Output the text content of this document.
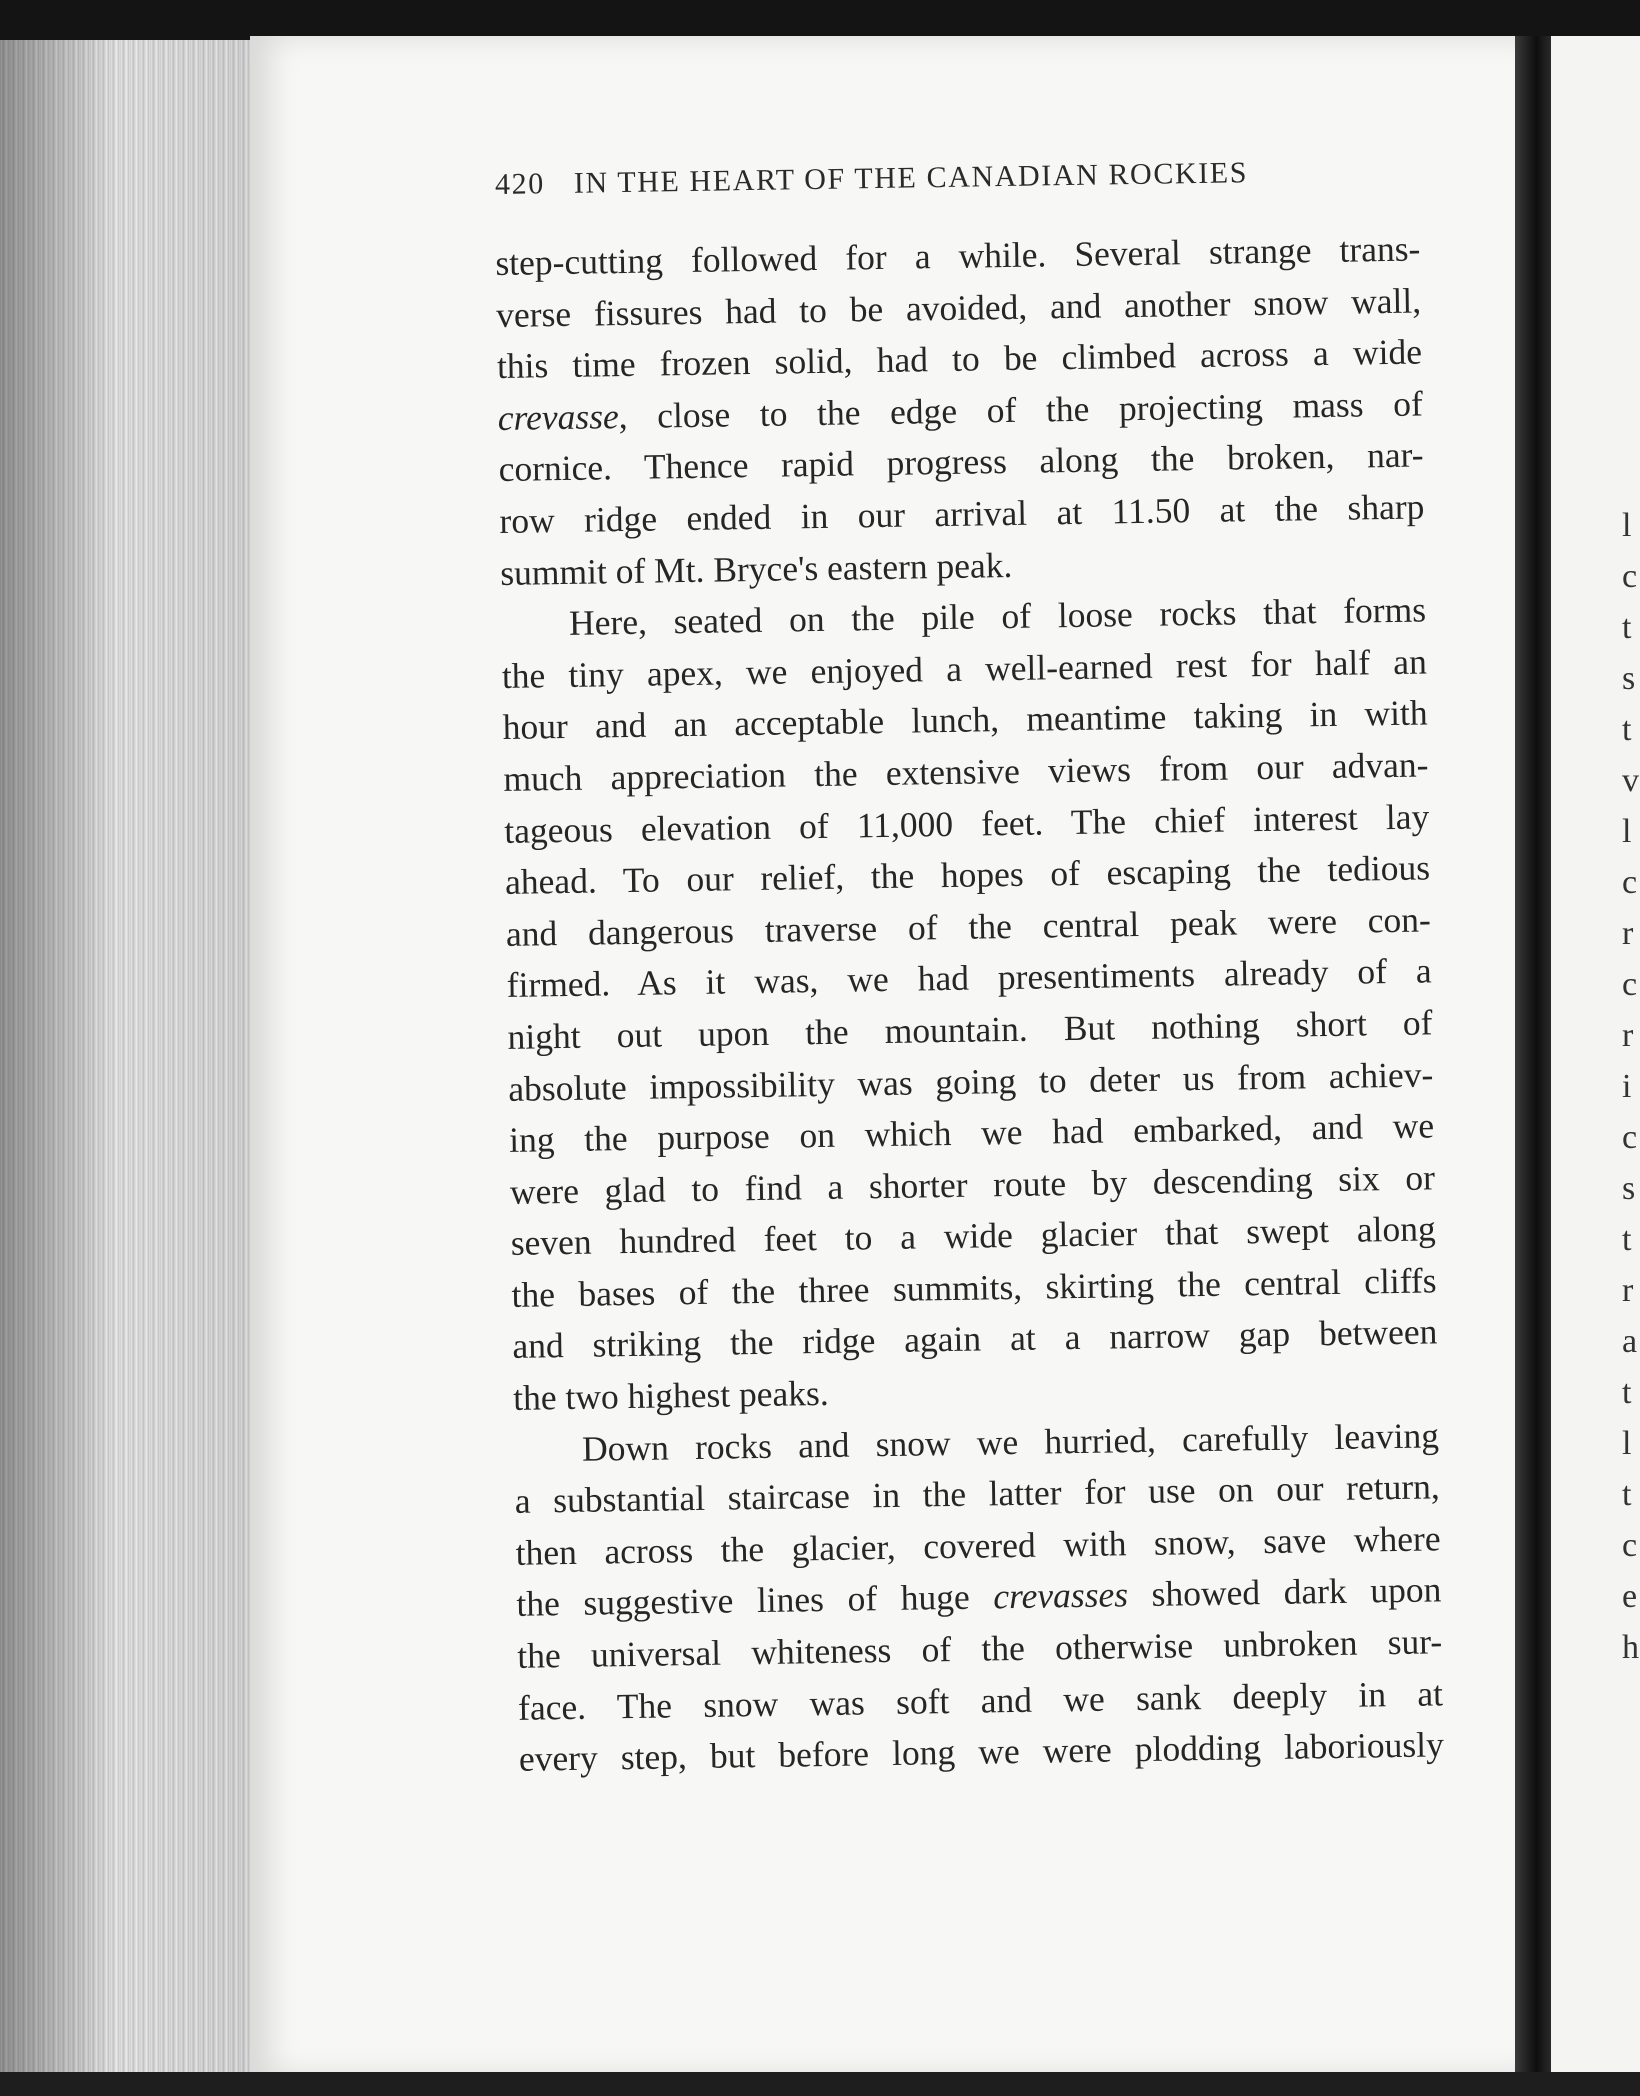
l
c
t
s
t
v
l
c
r
c
r
i
c
s
t
r
a
t
l
t
c
e
h
420 IN THE HEART OF THE CANADIAN ROCKIES
step-cutting followed for a while. Several strange trans-
verse fissures had to be avoided, and another snow wall,
this time frozen solid, had to be climbed across a wide
crevasse, close to the edge of the projecting mass of
cornice. Thence rapid progress along the broken, nar-
row ridge ended in our arrival at 11.50 at the sharp
summit of Mt. Bryce's eastern peak.
Here, seated on the pile of loose rocks that forms
the tiny apex, we enjoyed a well-earned rest for half an
hour and an acceptable lunch, meantime taking in with
much appreciation the extensive views from our advan-
tageous elevation of 11,000 feet. The chief interest lay
ahead. To our relief, the hopes of escaping the tedious
and dangerous traverse of the central peak were con-
firmed. As it was, we had presentiments already of a
night out upon the mountain. But nothing short of
absolute impossibility was going to deter us from achiev-
ing the purpose on which we had embarked, and we
were glad to find a shorter route by descending six or
seven hundred feet to a wide glacier that swept along
the bases of the three summits, skirting the central cliffs
and striking the ridge again at a narrow gap between
the two highest peaks.
Down rocks and snow we hurried, carefully leaving
a substantial staircase in the latter for use on our return,
then across the glacier, covered with snow, save where
the suggestive lines of huge crevasses showed dark upon
the universal whiteness of the otherwise unbroken sur-
face. The snow was soft and we sank deeply in at
every step, but before long we were plodding laboriously
